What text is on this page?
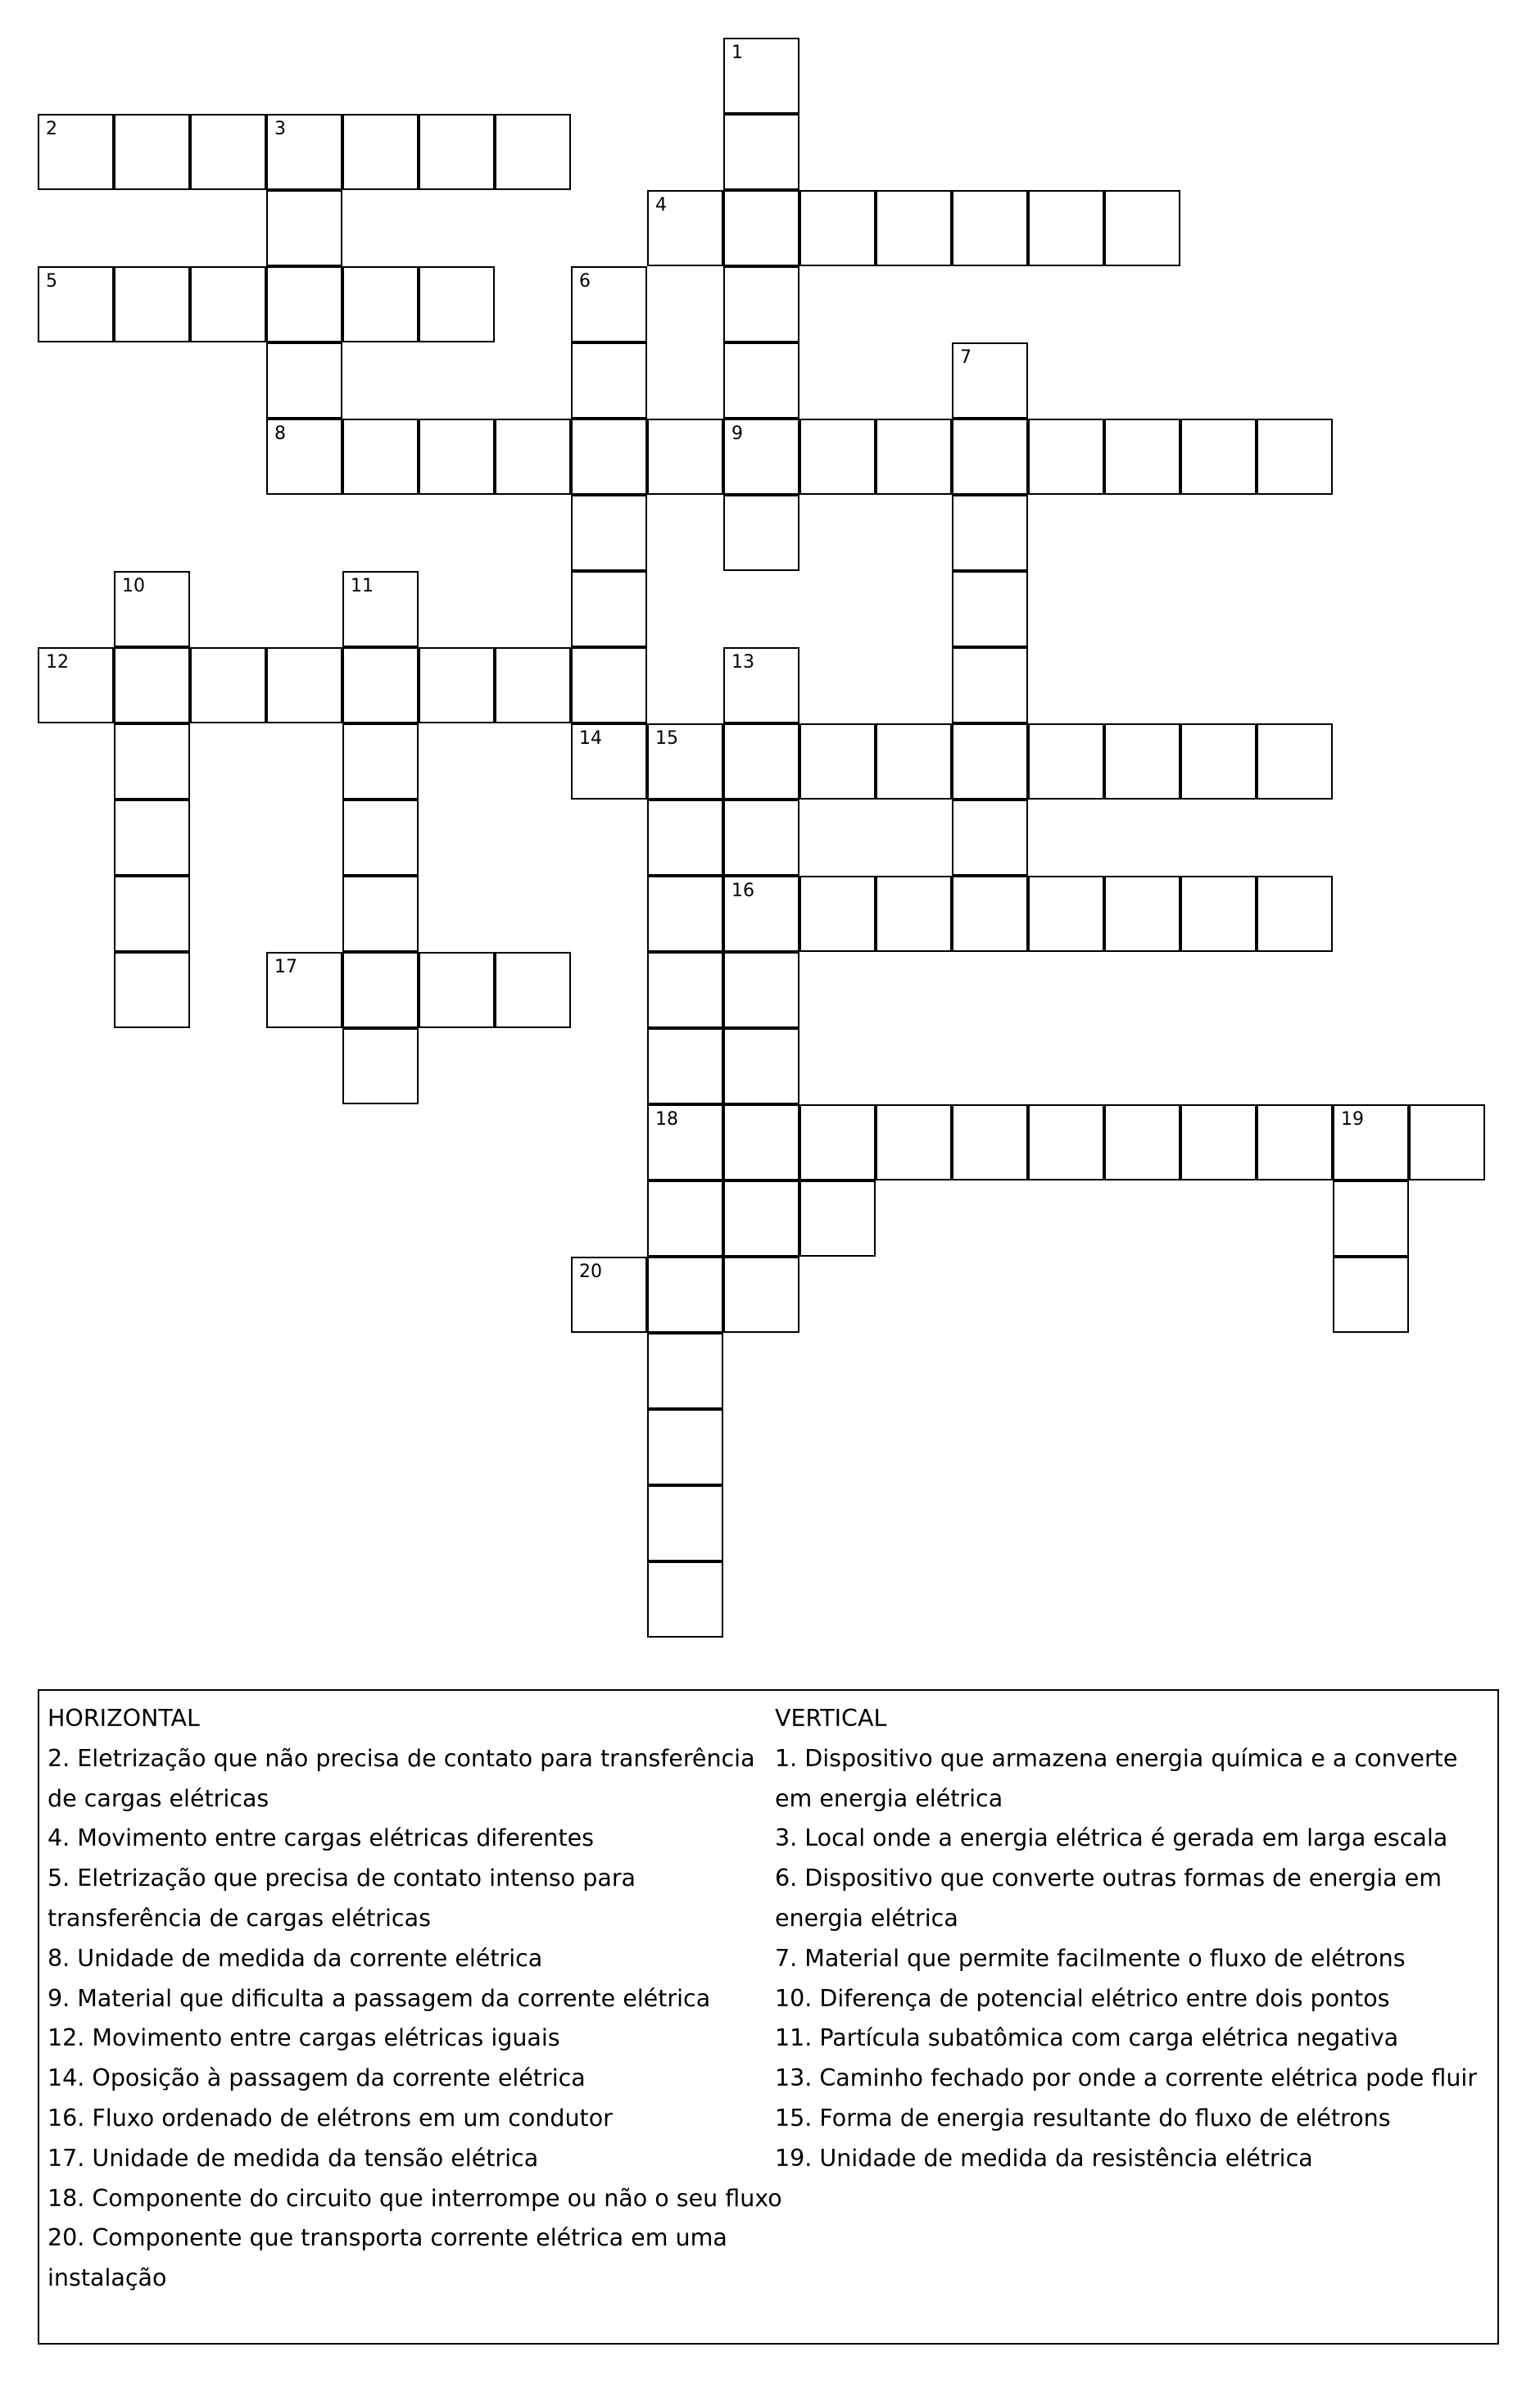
1
2	3
4
5	6
7
8	9
10	11
12	13
14	15
16
17
18	19
20
HORIZONTAL
2. Eletrização que não precisa de contato para transferência de cargas elétricas
4. Movimento entre cargas elétricas diferentes
5. Eletrização que precisa de contato intenso para transferência de cargas elétricas
8. Unidade de medida da corrente elétrica
9. Material que dificulta a passagem da corrente elétrica
12. Movimento entre cargas elétricas iguais
14. Oposição à passagem da corrente elétrica
16. Fluxo ordenado de elétrons em um condutor
17. Unidade de medida da tensão elétrica
18. Componente do circuito que interrompe ou não o seu fluxo
20. Componente que transporta corrente elétrica em uma instalação
VERTICAL
1. Dispositivo que armazena energia química e a converte em energia elétrica
3. Local onde a energia elétrica é gerada em larga escala
6. Dispositivo que converte outras formas de energia em energia elétrica
7. Material que permite facilmente o fluxo de elétrons
10. Diferença de potencial elétrico entre dois pontos
11. Partícula subatômica com carga elétrica negativa
13. Caminho fechado por onde a corrente elétrica pode fluir
15. Forma de energia resultante do fluxo de elétrons
19. Unidade de medida da resistência elétrica
